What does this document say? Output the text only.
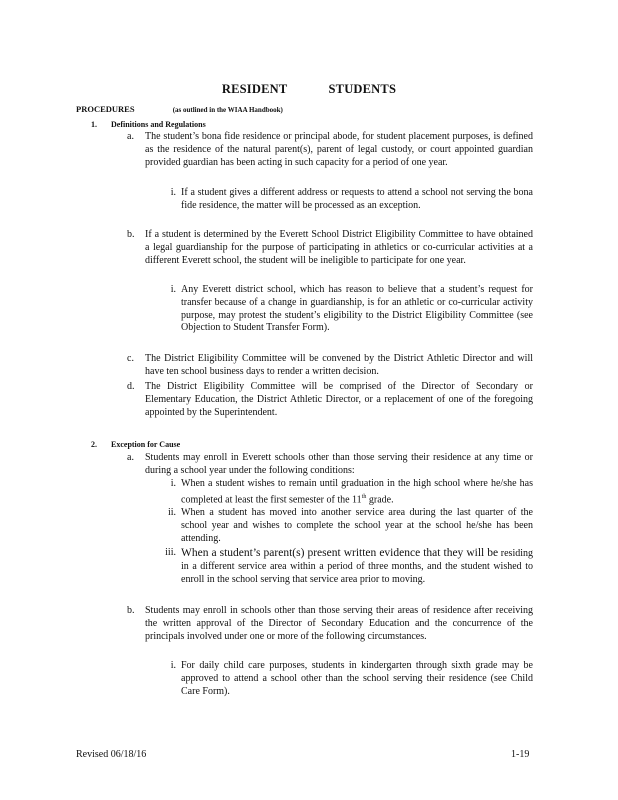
RESIDENT STUDENTS
PROCEDURES	(as outlined in the WIAA Handbook)
1. Definitions and Regulations
a. The student’s bona fide residence or principal abode, for student placement purposes, is defined as the residence of the natural parent(s), parent of legal custody, or court appointed guardian provided guardian has been acting in such capacity for a period of one year.
i. If a student gives a different address or requests to attend a school not serving the bona fide residence, the matter will be processed as an exception.
b. If a student is determined by the Everett School District Eligibility Committee to have obtained a legal guardianship for the purpose of participating in athletics or co-curricular activities at a different Everett school, the student will be ineligible to participate for one year.
i. Any Everett district school, which has reason to believe that a student’s request for transfer because of a change in guardianship, is for an athletic or co-curricular activity purpose, may protest the student’s eligibility to the District Eligibility Committee (see Objection to Student Transfer Form).
c. The District Eligibility Committee will be convened by the District Athletic Director and will have ten school business days to render a written decision.
d. The District Eligibility Committee will be comprised of the Director of Secondary or Elementary Education, the District Athletic Director, or a replacement of one of the foregoing appointed by the Superintendent.
2. Exception for Cause
a. Students may enroll in Everett schools other than those serving their residence at any time or during a school year under the following conditions:
i. When a student wishes to remain until graduation in the high school where he/she has completed at least the first semester of the 11th grade.
ii. When a student has moved into another service area during the last quarter of the school year and wishes to complete the school year at the school he/she has been attending.
iii. When a student’s parent(s) present written evidence that they will be residing in a different service area within a period of three months, and the student wished to enroll in the school serving that service area prior to moving.
b. Students may enroll in schools other than those serving their areas of residence after receiving the written approval of the Director of Secondary Education and the concurrence of the principals involved under one or more of the following circumstances.
i. For daily child care purposes, students in kindergarten through sixth grade may be approved to attend a school other than the school serving their residence (see Child Care Form).
Revised 06/18/16	1-19
